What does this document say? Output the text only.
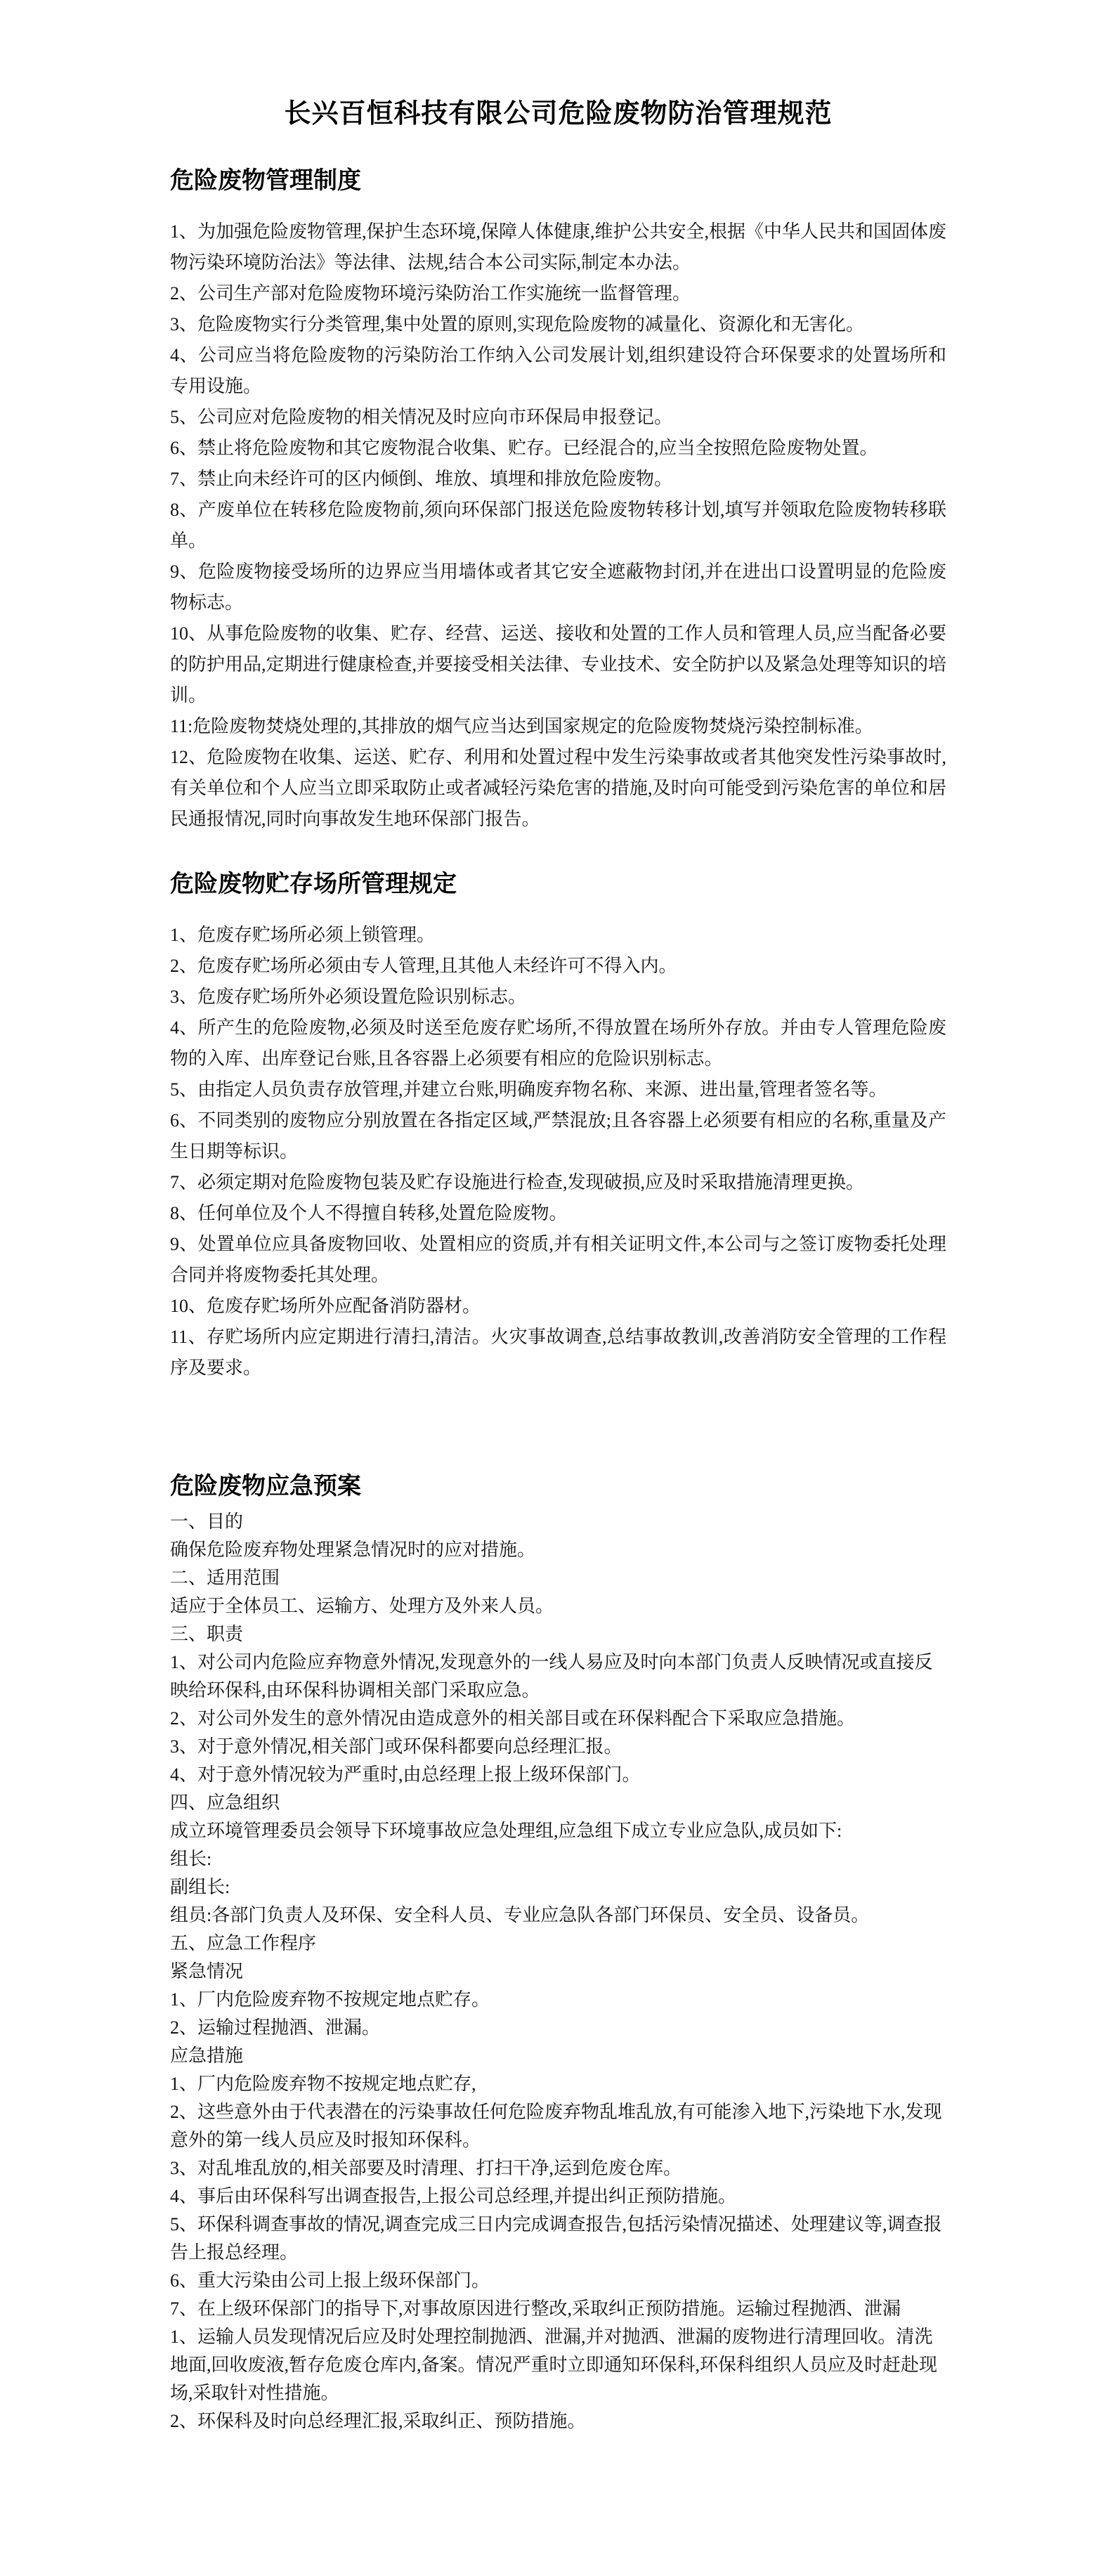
长兴百恒科技有限公司危险废物防治管理规范
危险废物管理制度

1、为加强危险废物管理,保护生态环境,保障人体健康,维护公共安全,根据《中华人民共和国固体废物污染环境防治法》等法律、法规,结合本公司实际,制定本办法。

2、公司生产部对危险废物环境污染防治工作实施统一监督管理。

3、危险废物实行分类管理,集中处置的原则,实现危险废物的减量化、资源化和无害化。

4、公司应当将危险废物的污染防治工作纳入公司发展计划,组织建设符合环保要求的处置场所和专用设施。

5、公司应对危险废物的相关情况及时应向市环保局申报登记。

6、禁止将危险废物和其它废物混合收集、贮存。已经混合的,应当全按照危险废物处置。

7、禁止向未经许可的区内倾倒、堆放、填埋和排放危险废物。

8、产废单位在转移危险废物前,须向环保部门报送危险废物转移计划,填写并领取危险废物转移联单。

9、危险废物接受场所的边界应当用墙体或者其它安全遮蔽物封闭,并在进出口设置明显的危险废物标志。

10、从事危险废物的收集、贮存、经营、运送、接收和处置的工作人员和管理人员,应当配备必要的防护用品,定期进行健康检查,并要接受相关法律、专业技术、安全防护以及紧急处理等知识的培训。

11:危险废物焚烧处理的,其排放的烟气应当达到国家规定的危险废物焚烧污染控制标准。

12、危险废物在收集、运送、贮存、利用和处置过程中发生污染事故或者其他突发性污染事故时,有关单位和个人应当立即采取防止或者减轻污染危害的措施,及时向可能受到污染危害的单位和居民通报情况,同时向事故发生地环保部门报告。

危险废物贮存场所管理规定

1、危废存贮场所必须上锁管理。

2、危废存贮场所必须由专人管理,且其他人未经许可不得入内。

3、危废存贮场所外必须设置危险识别标志。

4、所产生的危险废物,必须及时送至危废存贮场所,不得放置在场所外存放。并由专人管理危险废物的入库、出库登记台账,且各容器上必须要有相应的危险识别标志。

5、由指定人员负责存放管理,并建立台账,明确废弃物名称、来源、进出量,管理者签名等。

6、不同类别的废物应分别放置在各指定区域,严禁混放;且各容器上必须要有相应的名称,重量及产生日期等标识。

7、必须定期对危险废物包装及贮存设施进行检查,发现破损,应及时采取措施清理更换。

8、任何单位及个人不得擅自转移,处置危险废物。

9、处置单位应具备废物回收、处置相应的资质,并有相关证明文件,本公司与之签订废物委托处理合同并将废物委托其处理。

10、危废存贮场所外应配备消防器材。

11、存贮场所内应定期进行清扫,清洁。火灾事故调查,总结事故教训,改善消防安全管理的工作程序及要求。

危险废物应急预案

一、目的

确保危险废弃物处理紧急情况时的应对措施。

二、适用范围

适应于全体员工、运输方、处理方及外来人员。

三、职责

1、对公司内危险应弃物意外情况,发现意外的一线人易应及时向本部门负责人反映情况或直接反映给环保科,由环保科协调相关部门采取应急。

2、对公司外发生的意外情况由造成意外的相关部目或在环保料配合下采取应急措施。

3、对于意外情况,相关部门或环保科都要向总经理汇报。

4、对于意外情况较为严重时,由总经理上报上级环保部门。

四、应急组织

成立环境管理委员会领导下环境事故应急处理组,应急组下成立专业应急队,成员如下:

组长:

副组长:

组员:各部门负责人及环保、安全科人员、专业应急队各部门环保员、安全员、设备员。

五、应急工作程序

紧急情况

1、厂内危险废弃物不按规定地点贮存。

2、运输过程抛酒、泄漏。

应急措施

1、厂内危险废弃物不按规定地点贮存,

2、这些意外由于代表潜在的污染事故任何危险废弃物乱堆乱放,有可能渗入地下,污染地下水,发现意外的第一线人员应及时报知环保科。

3、对乱堆乱放的,相关部要及时清理、打扫干净,运到危废仓库。

4、事后由环保科写出调查报告,上报公司总经理,并提出纠正预防措施。

5、环保科调查事故的情况,调查完成三日内完成调查报告,包括污染情况描述、处理建议等,调查报告上报总经理。

6、重大污染由公司上报上级环保部门。

7、在上级环保部门的指导下,对事故原因进行整改,采取纠正预防措施。运输过程抛洒、泄漏

1、运输人员发现情况后应及时处理控制抛洒、泄漏,并对抛洒、泄漏的废物进行清理回收。清洗地面,回收废液,暂存危废仓库内,备案。情况严重时立即通知环保科,环保科组织人员应及时赶赴现场,采取针对性措施。

2、环保科及时向总经理汇报,采取纠正、预防措施。
